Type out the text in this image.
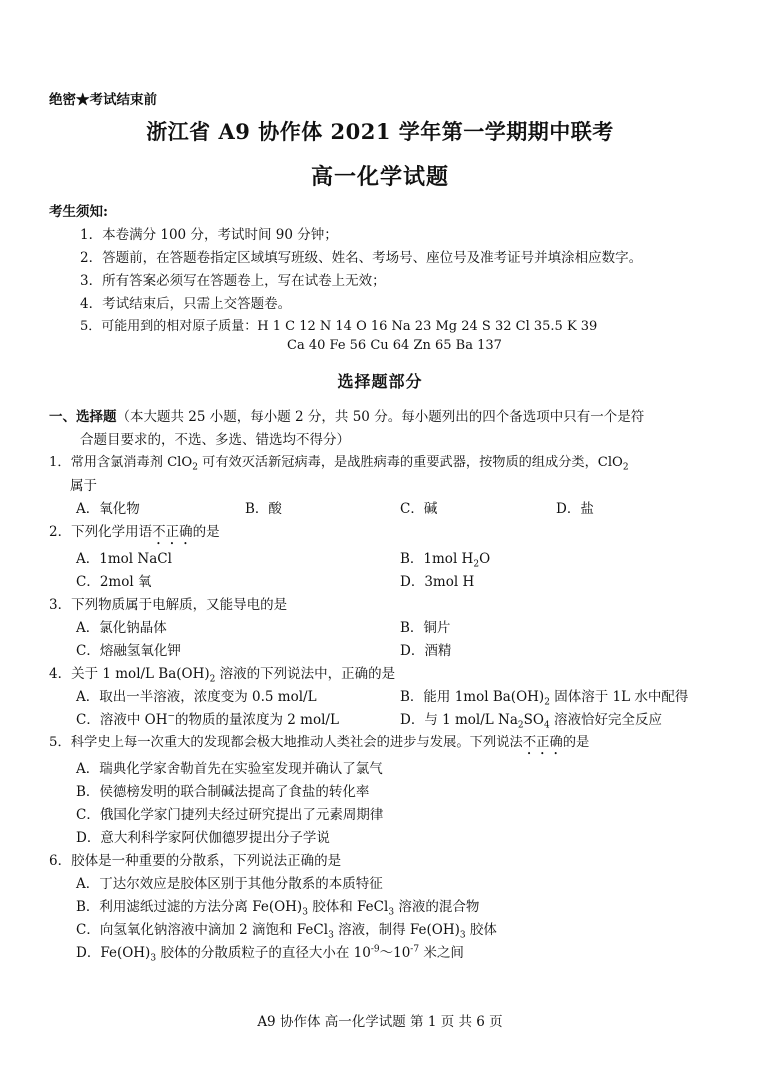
绝密★考试结束前
浙江省 A9 协作体 2021 学年第一学期期中联考
高一化学试题
考生须知:
1．本卷满分 100 分，考试时间 90 分钟；
2．答题前，在答题卷指定区域填写班级、姓名、考场号、座位号及准考证号并填涂相应数字。
3．所有答案必须写在答题卷上，写在试卷上无效；
4．考试结束后，只需上交答题卷。
5．可能用到的相对原子质量：H 1 C 12 N 14 O 16 Na 23 Mg 24 S 32 Cl 35.5 K 39
Ca 40 Fe 56 Cu 64 Zn 65 Ba 137
选择题部分
一、选择题（本大题共 25 小题，每小题 2 分，共 50 分。每小题列出的四个备选项中只有一个是符
合题目要求的，不选、多选、错选均不得分）
1．常用含氯消毒剂 ClO$_2$ 可有效灭活新冠病毒，是战胜病毒的重要武器，按物质的组成分类，ClO$_2$
属于
A．氧化物	B．酸	C．碱	D．盐
2．下列化学用语不正确的是
A．1mol NaCl	B．1mol $H_2O$
C．2mol 氧	D．3mol H
3．下列物质属于电解质，又能导电的是
A．氯化钠晶体	B．铜片
C．熔融氢氧化钾	D．酒精
4．关于 1 mol/L $Ba(OH)_2$ 溶液的下列说法中，正确的是
A．取出一半溶液，浓度变为 0.5 mol/L	B．能用 1mol $Ba(OH)_2$ 固体溶于 1L 水中配得
C．溶液中 OH−的物质的量浓度为 2 mol/L	D．与 1 mol/L $Na_2SO_4$ 溶液恰好完全反应
5．科学史上每一次重大的发现都会极大地推动人类社会的进步与发展。下列说法不正确的是
A．瑞典化学家舍勒首先在实验室发现并确认了氯气
B．侯德榜发明的联合制碱法提高了食盐的转化率
C．俄国化学家门捷列夫经过研究提出了元素周期律
D．意大利科学家阿伏伽德罗提出分子学说
6．胶体是一种重要的分散系，下列说法正确的是
A．丁达尔效应是胶体区别于其他分散系的本质特征
B．利用滤纸过滤的方法分离 $Fe(OH)_3$ 胶体和 FeCl$_3$ 溶液的混合物
C．向氢氧化钠溶液中滴加 2 滴饱和 FeCl$_3$ 溶液，制得 $Fe(OH)_3$ 胶体
D．$Fe(OH)_3$ 胶体的分散质粒子的直径大小在 $10^{-9}\sim 10^{-7}$ 米之间
A9 协作体 高一化学试题 第 1 页 共 6 页
